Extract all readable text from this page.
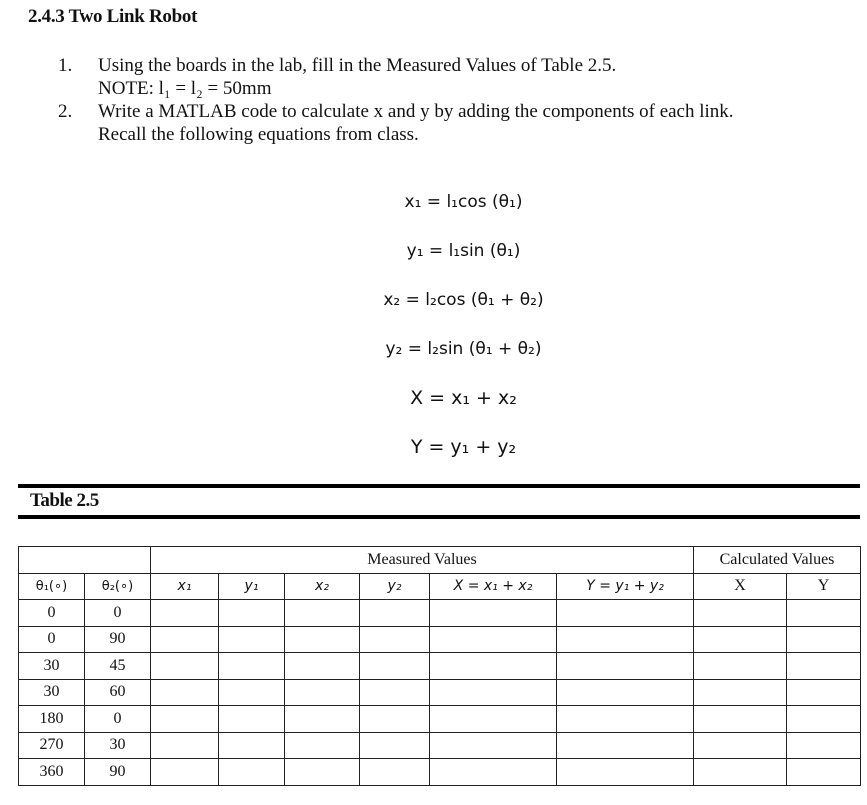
2.4.3 Two Link Robot
1.	Using the boards in the lab, fill in the Measured Values of Table 2.5.
NOTE: l₁ = l₂ = 50mm
2.	Write a MATLAB code to calculate x and y by adding the components of each link.
Recall the following equations from class.
x₁ = l₁cos (θ₁)
y₁ = l₁sin (θ₁)
x₂ = l₂cos (θ₁ + θ₂)
y₂ = l₂sin (θ₁ + θ₂)
X = x₁ + x₂
Y = y₁ + y₂
Table 2.5
		Measured Values						Calculated Values	
θ₁(∘)	θ₂(∘)	x₁	y₁	x₂	y₂	X = x₁ + x₂	Y = y₁ + y₂	X	Y
0	0								
0	90								
30	45								
30	60								
180	0								
270	30								
360	90								
